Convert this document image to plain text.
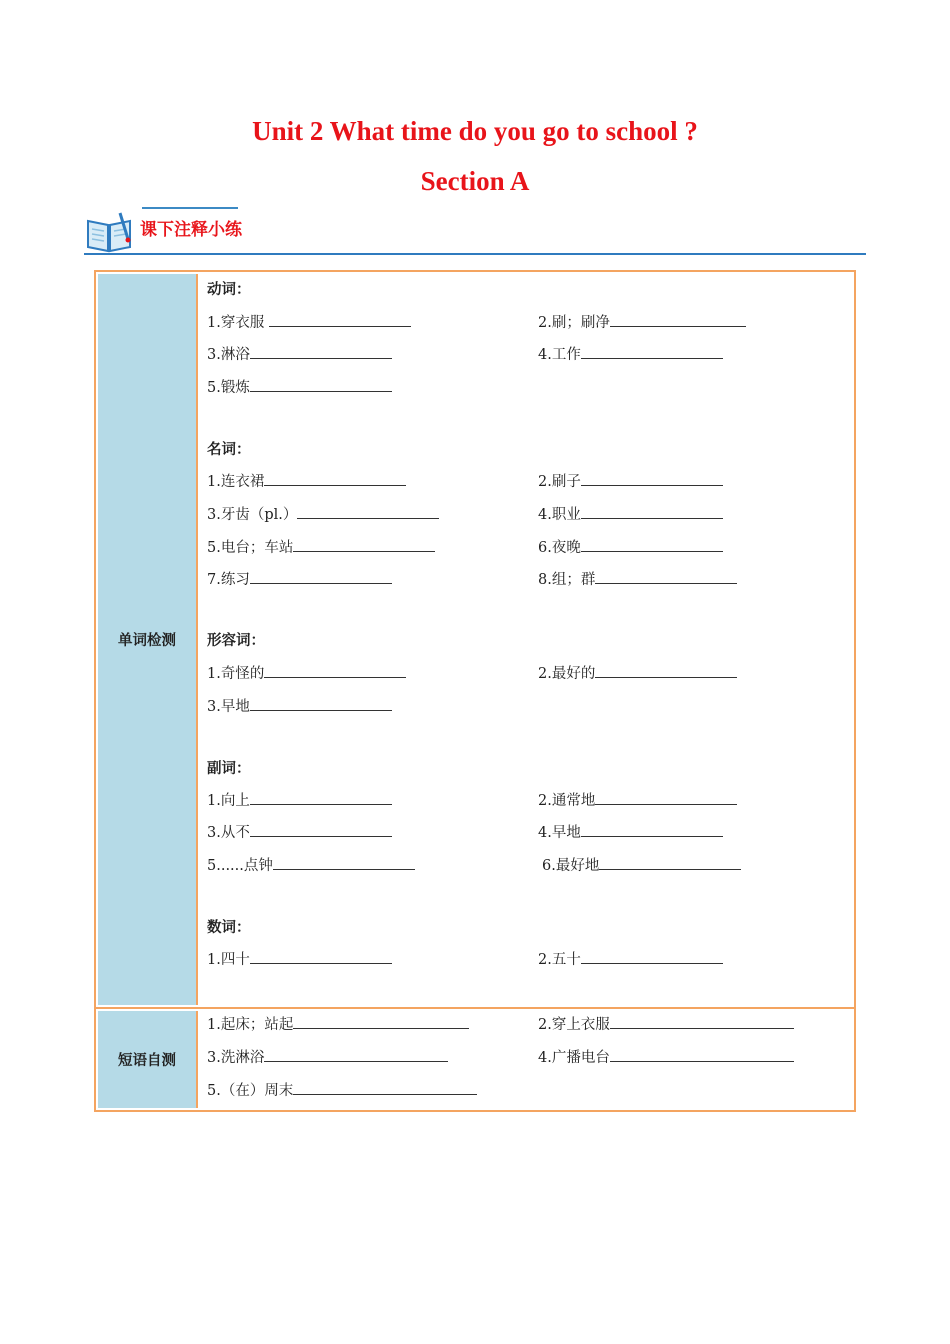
Unit 2 What time do you go to school ?
Section A
课下注释小练
单词检测
动词：
1.穿衣服	2.刷；刷净
3.淋浴	4.工作
5.锻炼
名词：
1.连衣裙	2.刷子
3.牙齿（pl.）	4.职业
5.电台；车站	6.夜晚
7.练习	8.组；群
形容词：
1.奇怪的	2.最好的
3.早地
副词：
1.向上	2.通常地
3.从不	4.早地
5......点钟	6.最好地
数词：
1.四十	2.五十
短语自测
1.起床；站起	2.穿上衣服
3.洗淋浴	4.广播电台
5.（在）周末
